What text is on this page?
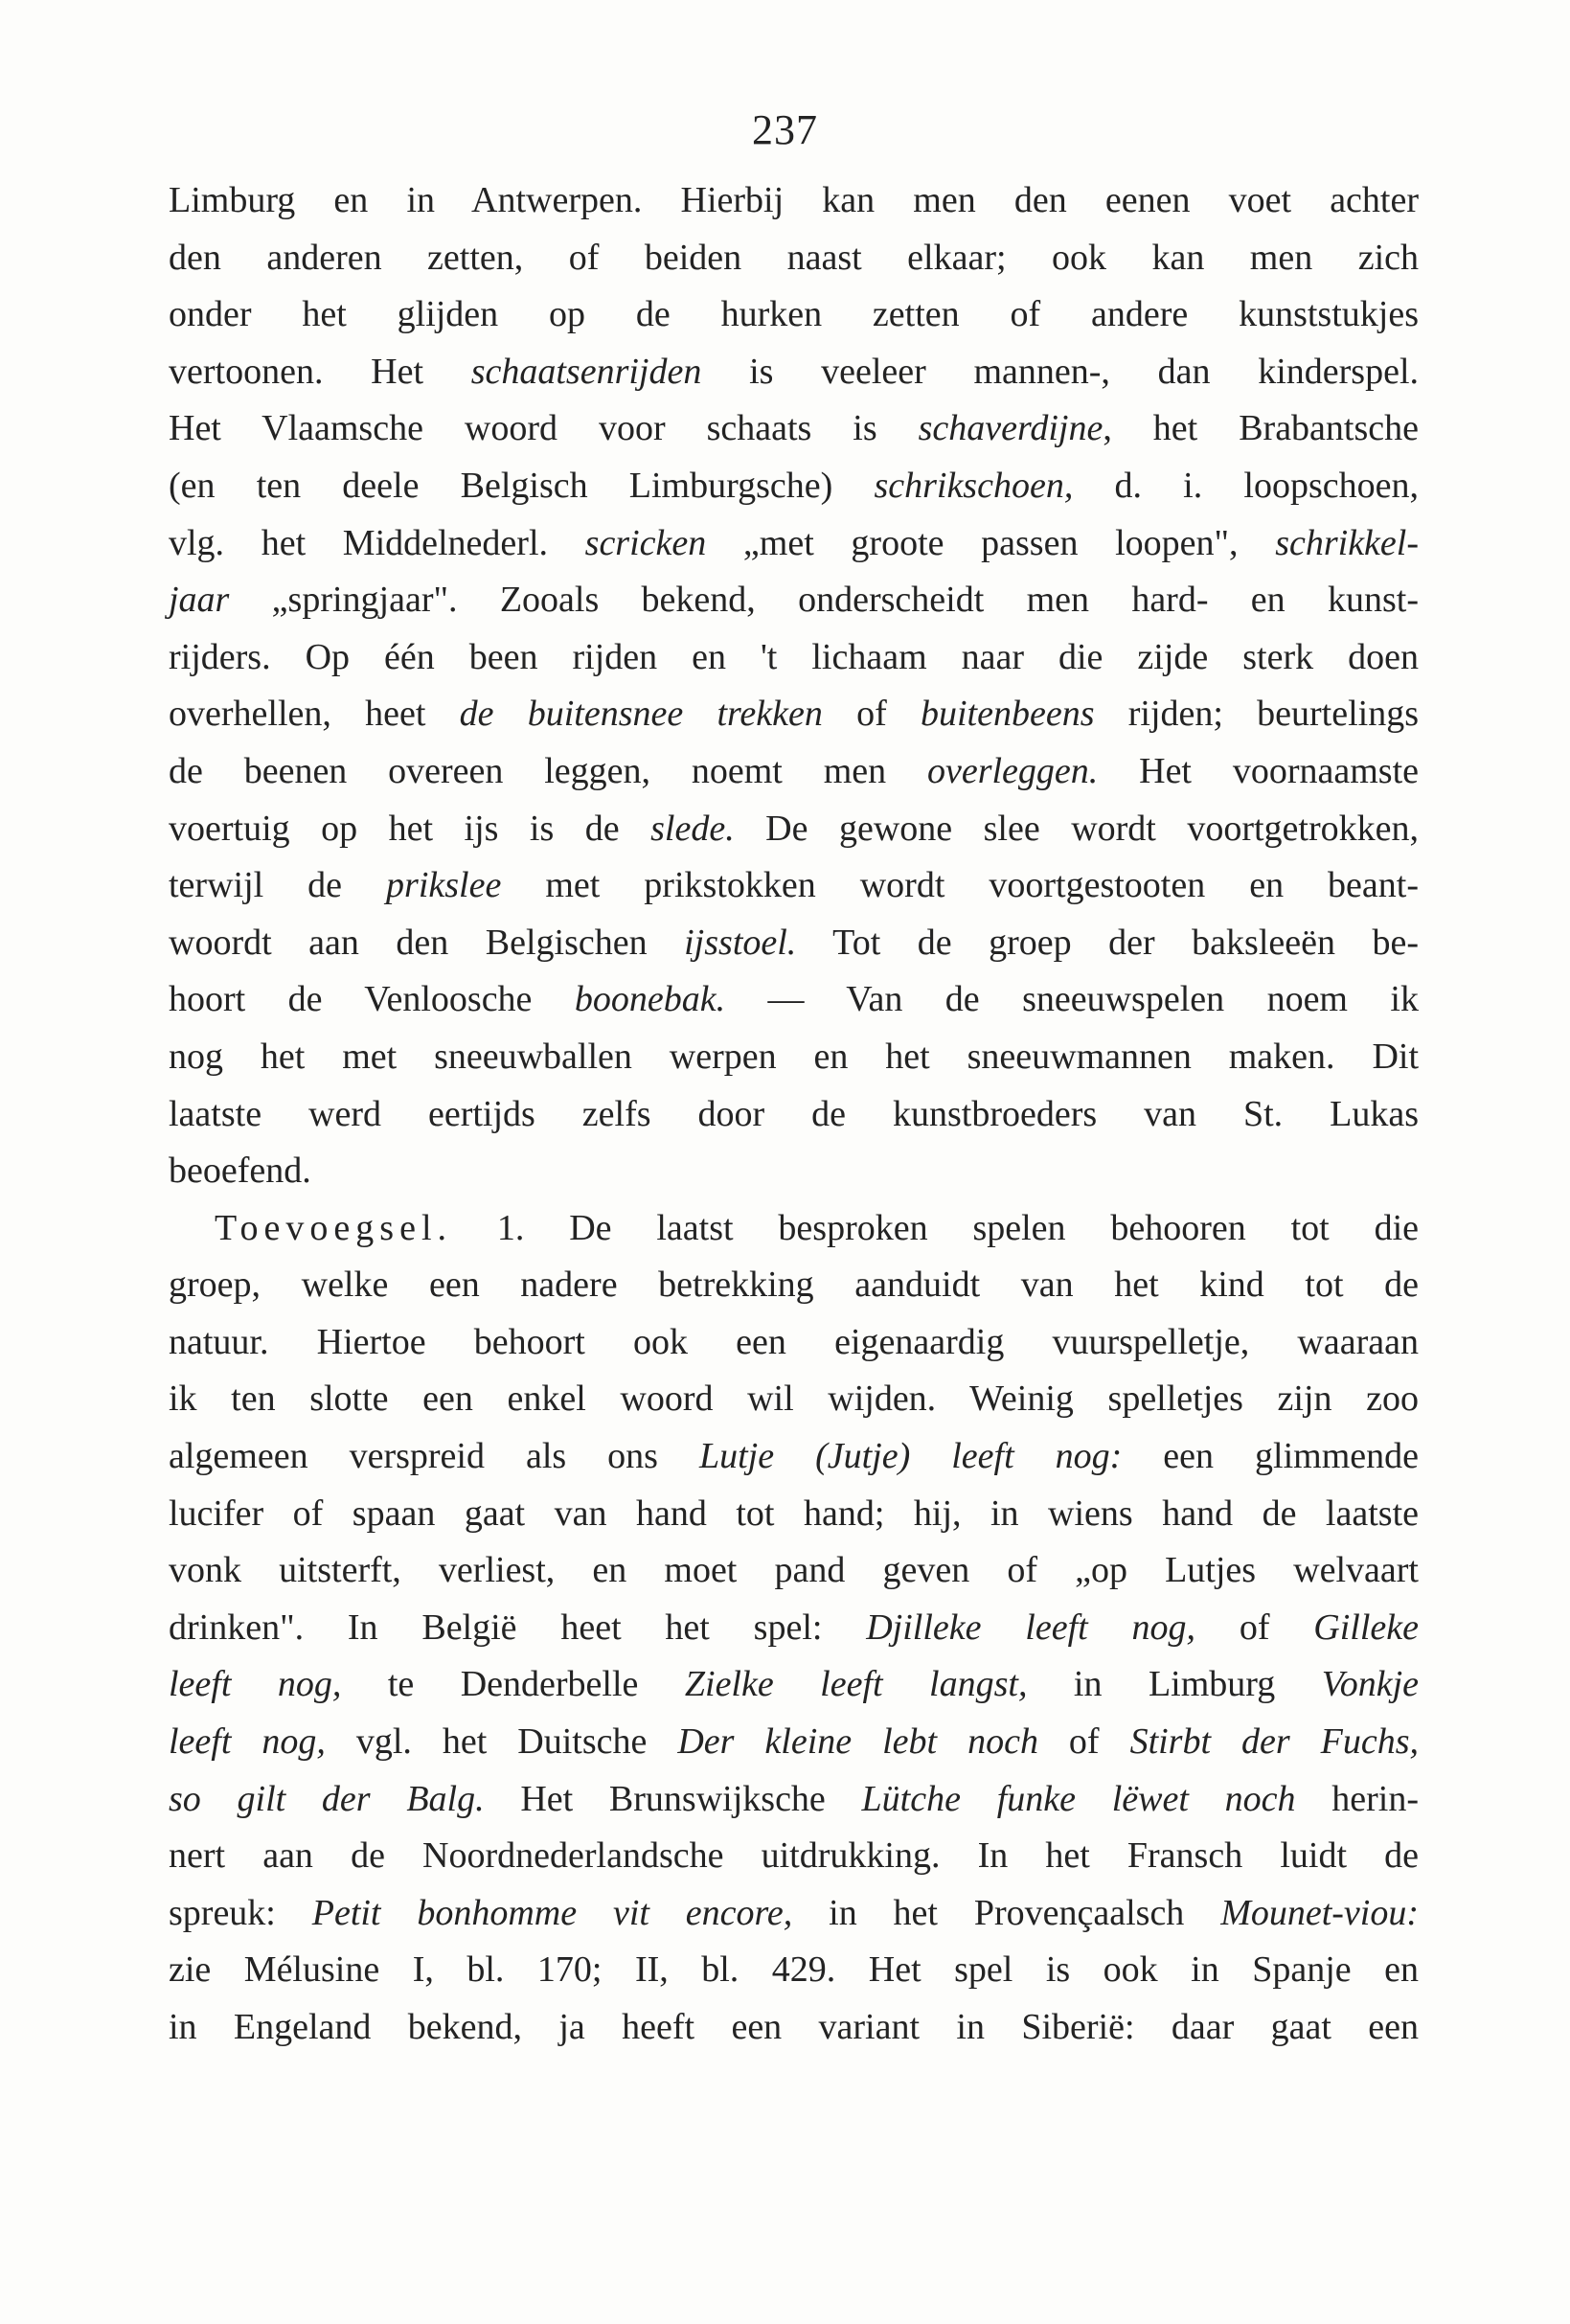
237
Limburg en in Antwerpen. Hierbij kan men den eenen voet achter
den anderen zetten, of beiden naast elkaar; ook kan men zich
onder het glijden op de hurken zetten of andere kunststukjes
vertoonen. Het schaatsenrijden is veeleer mannen-, dan kinderspel.
Het Vlaamsche woord voor schaats is schaverdijne, het Brabantsche
(en ten deele Belgisch Limburgsche) schrikschoen, d. i. loopschoen,
vlg. het Middelnederl. scricken „met groote passen loopen", schrikkel-
jaar „springjaar". Zooals bekend, onderscheidt men hard- en kunst-
rijders. Op één been rijden en 't lichaam naar die zijde sterk doen
overhellen, heet de buitensnee trekken of buitenbeens rijden; beurtelings
de beenen overeen leggen, noemt men overleggen. Het voornaamste
voertuig op het ijs is de slede. De gewone slee wordt voortgetrokken,
terwijl de prikslee met prikstokken wordt voortgestooten en beant-
woordt aan den Belgischen ijsstoel. Tot de groep der baksleeën be-
hoort de Venloosche boonebak. — Van de sneeuwspelen noem ik
nog het met sneeuwballen werpen en het sneeuwmannen maken. Dit
laatste werd eertijds zelfs door de kunstbroeders van St. Lukas
beoefend.
Toevoegsel. 1. De laatst besproken spelen behooren tot die
groep, welke een nadere betrekking aanduidt van het kind tot de
natuur. Hiertoe behoort ook een eigenaardig vuurspelletje, waaraan
ik ten slotte een enkel woord wil wijden. Weinig spelletjes zijn zoo
algemeen verspreid als ons Lutje (Jutje) leeft nog: een glimmende
lucifer of spaan gaat van hand tot hand; hij, in wiens hand de laatste
vonk uitsterft, verliest, en moet pand geven of „op Lutjes welvaart
drinken". In België heet het spel: Djilleke leeft nog, of Gilleke
leeft nog, te Denderbelle Zielke leeft langst, in Limburg Vonkje
leeft nog, vgl. het Duitsche Der kleine lebt noch of Stirbt der Fuchs,
so gilt der Balg. Het Brunswijksche Lütche funke lëwet noch herin-
nert aan de Noordnederlandsche uitdrukking. In het Fransch luidt de
spreuk: Petit bonhomme vit encore, in het Provençaalsch Mounet-viou:
zie Mélusine I, bl. 170; II, bl. 429. Het spel is ook in Spanje en
in Engeland bekend, ja heeft een variant in Siberië: daar gaat een
